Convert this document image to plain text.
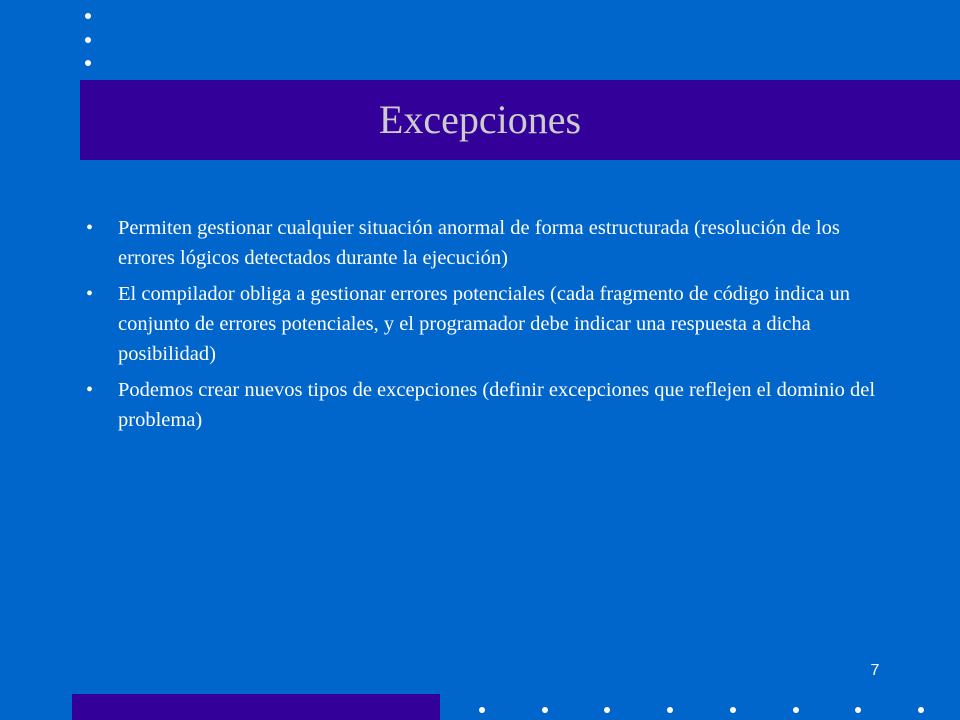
Excepciones
• Permiten gestionar cualquier situación anormal de forma estructurada (resolución de los errores lógicos detectados durante la ejecución)
• El compilador obliga a gestionar errores potenciales (cada fragmento de código indica un conjunto de errores potenciales, y el programador debe indicar una respuesta a dicha posibilidad)
• Podemos crear nuevos tipos de excepciones (definir excepciones que reflejen el dominio del problema)
7
